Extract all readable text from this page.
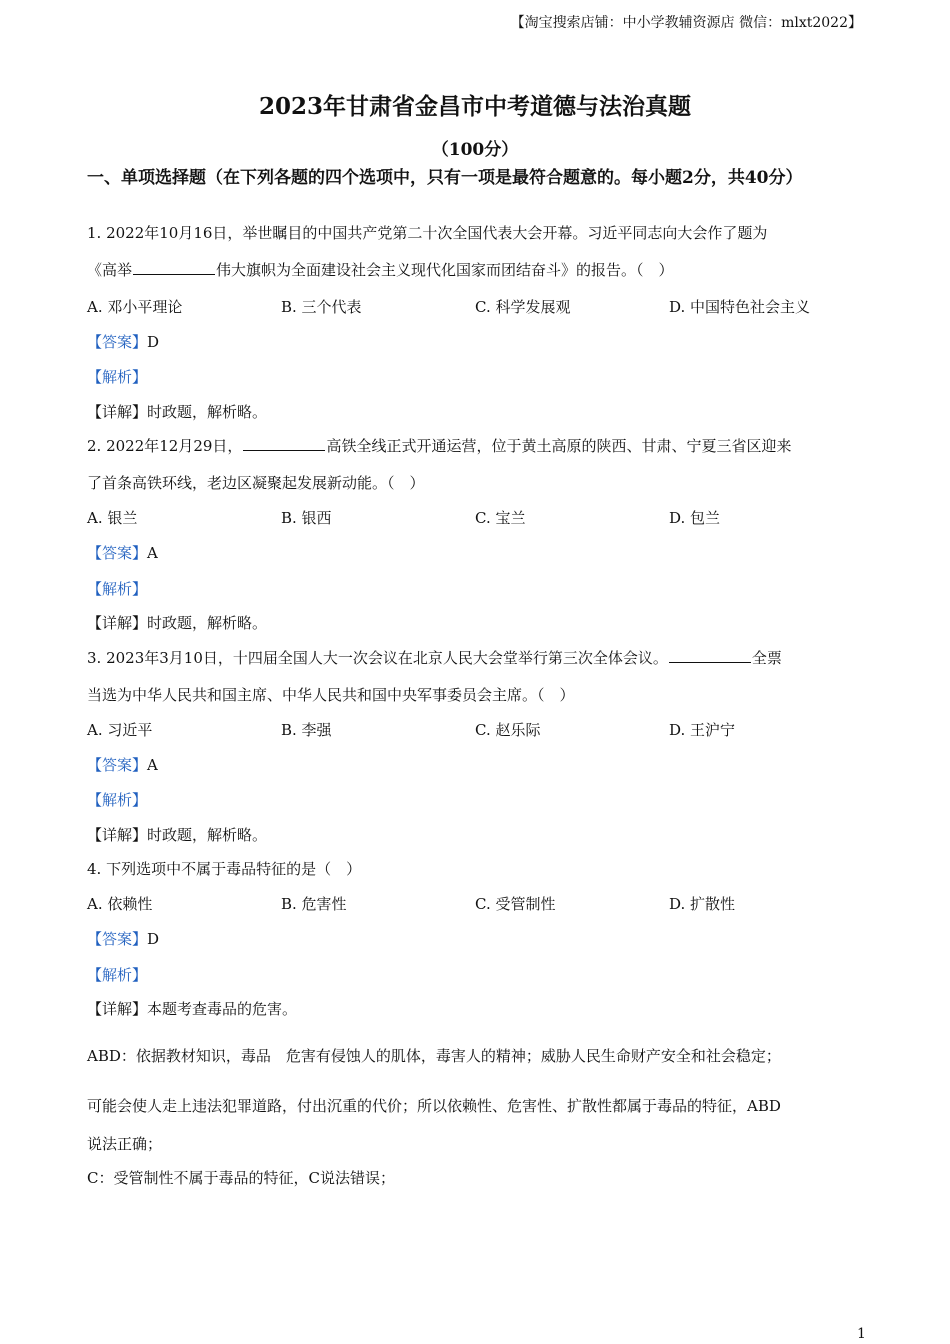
【淘宝搜索店铺：中小学教辅资源店 微信：mlxt2022】
2023年甘肃省金昌市中考道德与法治真题
（100分）
一、单项选择题（在下列各题的四个选项中，只有一项是最符合题意的。每小题2分，共40分）
1. 2022年10月16日，举世瞩目的中国共产党第二十次全国代表大会开幕。习近平同志向大会作了题为
《高举	伟大旗帜为全面建设社会主义现代化国家而团结奋斗》的报告。（　）
A. 邓小平理论	B. 三个代表	C. 科学发展观	D. 中国特色社会主义
【答案】D
【解析】
【详解】时政题，解析略。
2. 2022年12月29日，	高铁全线正式开通运营，位于黄土高原的陕西、甘肃、宁夏三省区迎来
了首条高铁环线，老边区凝聚起发展新动能。（　）
A. 银兰	B. 银西	C. 宝兰	D. 包兰
【答案】A
【解析】
【详解】时政题，解析略。
3. 2023年3月10日，十四届全国人大一次会议在北京人民大会堂举行第三次全体会议。	全票
当选为中华人民共和国主席、中华人民共和国中央军事委员会主席。（　）
A. 习近平	B. 李强	C. 赵乐际	D. 王沪宁
【答案】A
【解析】
【详解】时政题，解析略。
4. 下列选项中不属于毒品特征的是（　）
A. 依赖性	B. 危害性	C. 受管制性	D. 扩散性
【答案】D
【解析】
【详解】本题考查毒品的危害。
ABD：依据教材知识，毒品　危害有侵蚀人的肌体，毒害人的精神；威胁人民生命财产安全和社会稳定；
可能会使人走上违法犯罪道路，付出沉重的代价；所以依赖性、危害性、扩散性都属于毒品的特征，ABD
说法正确；
C：受管制性不属于毒品的特征，C说法错误；
1
